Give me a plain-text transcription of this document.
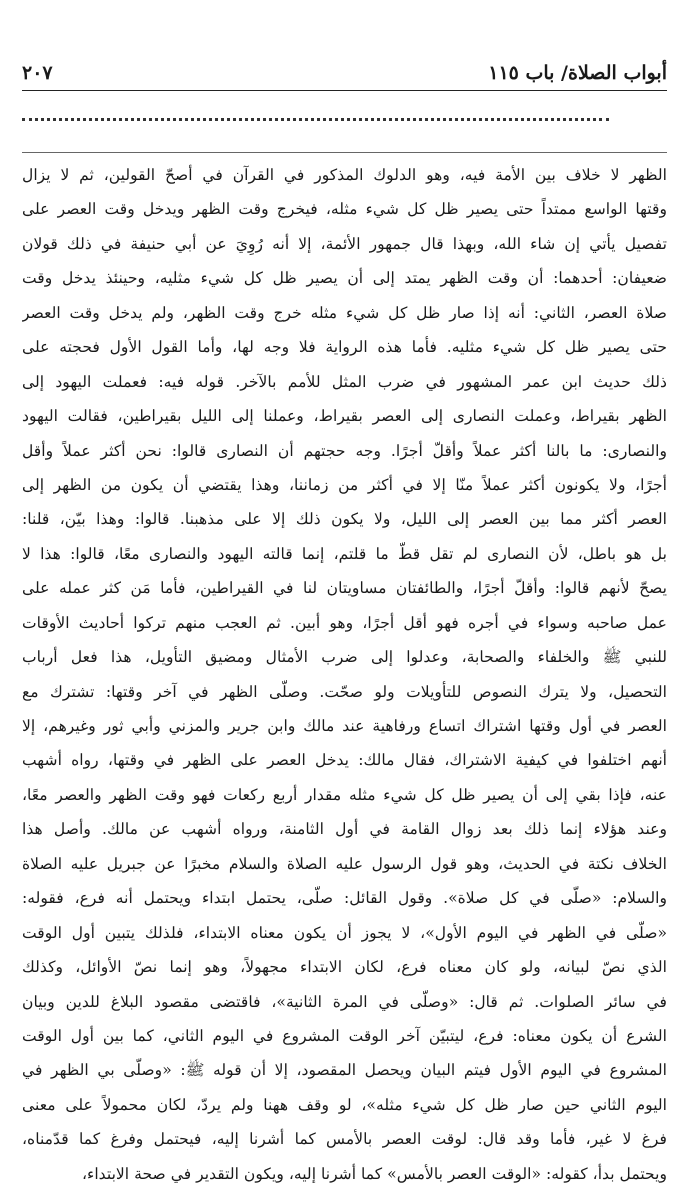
أبواب الصلاة/ باب ١١٥
٢٠٧
الظهر لا خلاف بين الأمة فيه، وهو الدلوك المذكور في القرآن في أصحّ القولين، ثم لا يزال
وقتها الواسع ممتداً حتى يصير ظل كل شيء مثله، فيخرج وقت الظهر ويدخل وقت العصر على
تفصيل يأتي إن شاء الله، وبهذا قال جمهور الأئمة، إلا أنه رُوِيَ عن أبي حنيفة في ذلك قولان
ضعيفان: أحدهما: أن وقت الظهر يمتد إلى أن يصير ظل كل شيء مثليه، وحينئذ يدخل وقت
صلاة العصر، الثاني: أنه إذا صار ظل كل شيء مثله خرج وقت الظهر، ولم يدخل وقت العصر
حتى يصير ظل كل شيء مثليه. فأما هذه الرواية فلا وجه لها، وأما القول الأول فحجته على
ذلك حديث ابن عمر المشهور في ضرب المثل للأمم بالآخر. قوله فيه: فعملت اليهود إلى
الظهر بقيراط، وعملت النصارى إلى العصر بقيراط، وعملنا إلى الليل بقيراطين، فقالت اليهود
والنصارى: ما بالنا أكثر عملاً وأقلّ أجرًا. وجه حجتهم أن النصارى قالوا: نحن أكثر عملاً وأقل
أجرًا، ولا يكونون أكثر عملاً منّا إلا في أكثر من زماننا، وهذا يقتضي أن يكون من الظهر إلى
العصر أكثر مما بين العصر إلى الليل، ولا يكون ذلك إلا على مذهبنا. قالوا: وهذا بيّن، قلنا:
بل هو باطل، لأن النصارى لم تقل قطّ ما قلتم، إنما قالته اليهود والنصارى معًا، قالوا: هذا لا
يصحّ لأنهم قالوا: وأقلّ أجرًا، والطائفتان مساويتان لنا في القيراطين، فأما مَن كثر عمله على
عمل صاحبه وسواء في أجره فهو أقل أجرًا، وهو أبين. ثم العجب منهم تركوا أحاديث الأوقات
للنبي ﷺ والخلفاء والصحابة، وعدلوا إلى ضرب الأمثال ومضيق التأويل، هذا فعل أرباب
التحصيل، ولا يترك النصوص للتأويلات ولو صحّت. وصلّى الظهر في آخر وقتها: تشترك مع
العصر في أول وقتها اشتراك اتساع ورفاهية عند مالك وابن جرير والمزني وأبي ثور وغيرهم، إلا
أنهم اختلفوا في كيفية الاشتراك، فقال مالك: يدخل العصر على الظهر في وقتها، رواه أشهب
عنه، فإذا بقي إلى أن يصير ظل كل شيء مثله مقدار أربع ركعات فهو وقت الظهر والعصر معًا،
وعند هؤلاء إنما ذلك بعد زوال القامة في أول الثامنة، ورواه أشهب عن مالك. وأصل هذا
الخلاف نكتة في الحديث، وهو قول الرسول عليه الصلاة والسلام مخبرًا عن جبريل عليه الصلاة
والسلام: «صلّى في كل صلاة». وقول القائل: صلّى، يحتمل ابتداء ويحتمل أنه فرع، فقوله:
«صلّى في الظهر في اليوم الأول»، لا يجوز أن يكون معناه الابتداء، فلذلك يتبين أول الوقت
الذي نصّ لبيانه، ولو كان معناه فرع، لكان الابتداء مجهولاً، وهو إنما نصّ الأوائل، وكذلك
في سائر الصلوات. ثم قال: «وصلّى في المرة الثانية»، فاقتضى مقصود البلاغ للدين وبيان
الشرع أن يكون معناه: فرع، ليتبيّن آخر الوقت المشروع في اليوم الثاني، كما بين أول الوقت
المشروع في اليوم الأول فيتم البيان ويحصل المقصود، إلا أن قوله ﷺ: «وصلّى بي الظهر في
اليوم الثاني حين صار ظل كل شيء مثله»، لو وقف ههنا ولم يردّ، لكان محمولاً على معنى
فرغ لا غير، فأما وقد قال: لوقت العصر بالأمس كما أشرنا إليه، فيحتمل وفرغ كما قدّمناه،
ويحتمل بدأ، كقوله: «الوقت العصر بالأمس» كما أشرنا إليه، ويكون التقدير في صحة الابتداء،
